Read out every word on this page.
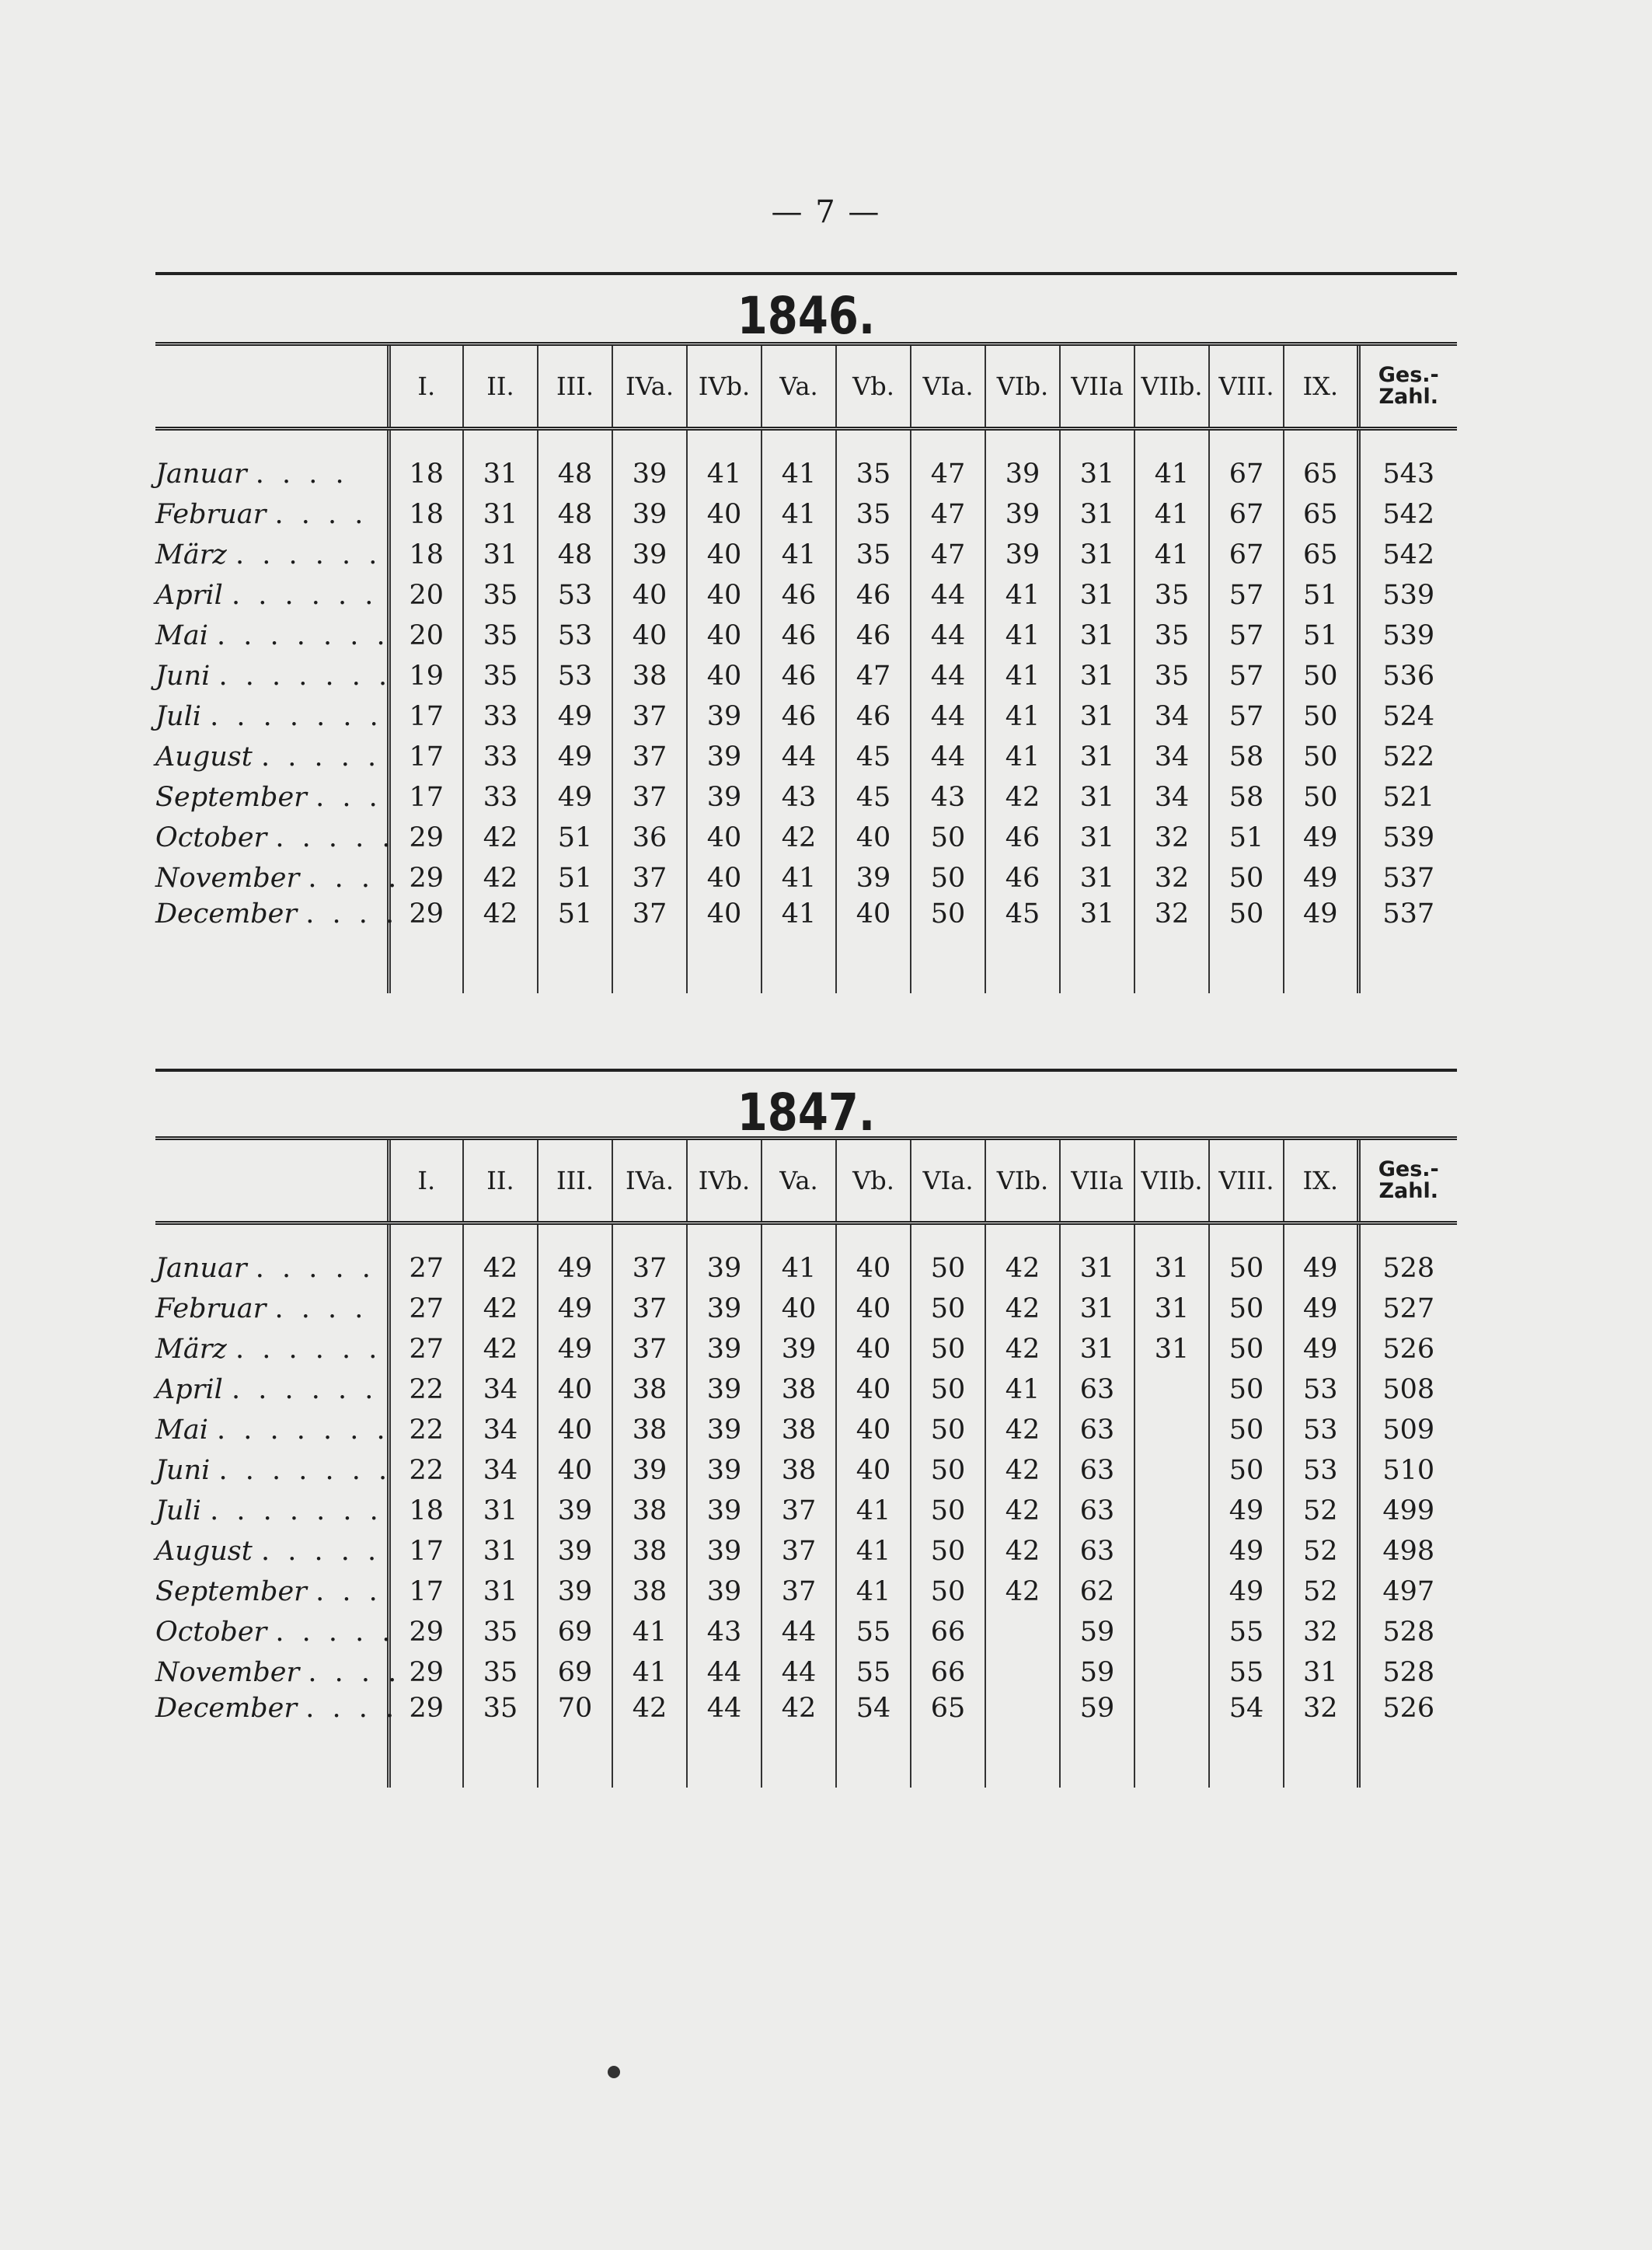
— 7 —
1846.
	I.	II.	III.	IVa.	IVb.	Va.	Vb.	VIa.	VIb.	VIIa	VIIb.	VIII.	IX.	Ges.-
Zahl.
Januar . . . .	18	31	48	39	41	41	35	47	39	31	41	67	65	543
Februar . . . .	18	31	48	39	40	41	35	47	39	31	41	67	65	542
März . . . . . .	18	31	48	39	40	41	35	47	39	31	41	67	65	542
April . . . . . .	20	35	53	40	40	46	46	44	41	31	35	57	51	539
Mai . . . . . . .	20	35	53	40	40	46	46	44	41	31	35	57	51	539
Juni . . . . . . .	19	35	53	38	40	46	47	44	41	31	35	57	50	536
Juli . . . . . . .	17	33	49	37	39	46	46	44	41	31	34	57	50	524
August . . . . .	17	33	49	37	39	44	45	44	41	31	34	58	50	522
September . . .	17	33	49	37	39	43	45	43	42	31	34	58	50	521
October . . . . .	29	42	51	36	40	42	40	50	46	31	32	51	49	539
November . . . .	29	42	51	37	40	41	39	50	46	31	32	50	49	537
December . . . .	29	42	51	37	40	41	40	50	45	31	32	50	49	537
1847.
	I.	II.	III.	IVa.	IVb.	Va.	Vb.	VIa.	VIb.	VIIa	VIIb.	VIII.	IX.	Ges.-
Zahl.
Januar . . . . .	27	42	49	37	39	41	40	50	42	31	31	50	49	528
Februar . . . .	27	42	49	37	39	40	40	50	42	31	31	50	49	527
März . . . . . .	27	42	49	37	39	39	40	50	42	31	31	50	49	526
April . . . . . .	22	34	40	38	39	38	40	50	41	63		50	53	508
Mai . . . . . . .	22	34	40	38	39	38	40	50	42	63		50	53	509
Juni . . . . . . .	22	34	40	39	39	38	40	50	42	63		50	53	510
Juli . . . . . . .	18	31	39	38	39	37	41	50	42	63		49	52	499
August . . . . .	17	31	39	38	39	37	41	50	42	63		49	52	498
September . . .	17	31	39	38	39	37	41	50	42	62		49	52	497
October . . . . .	29	35	69	41	43	44	55	66		59		55	32	528
November . . . .	29	35	69	41	44	44	55	66		59		55	31	528
December . . . .	29	35	70	42	44	42	54	65		59		54	32	526
